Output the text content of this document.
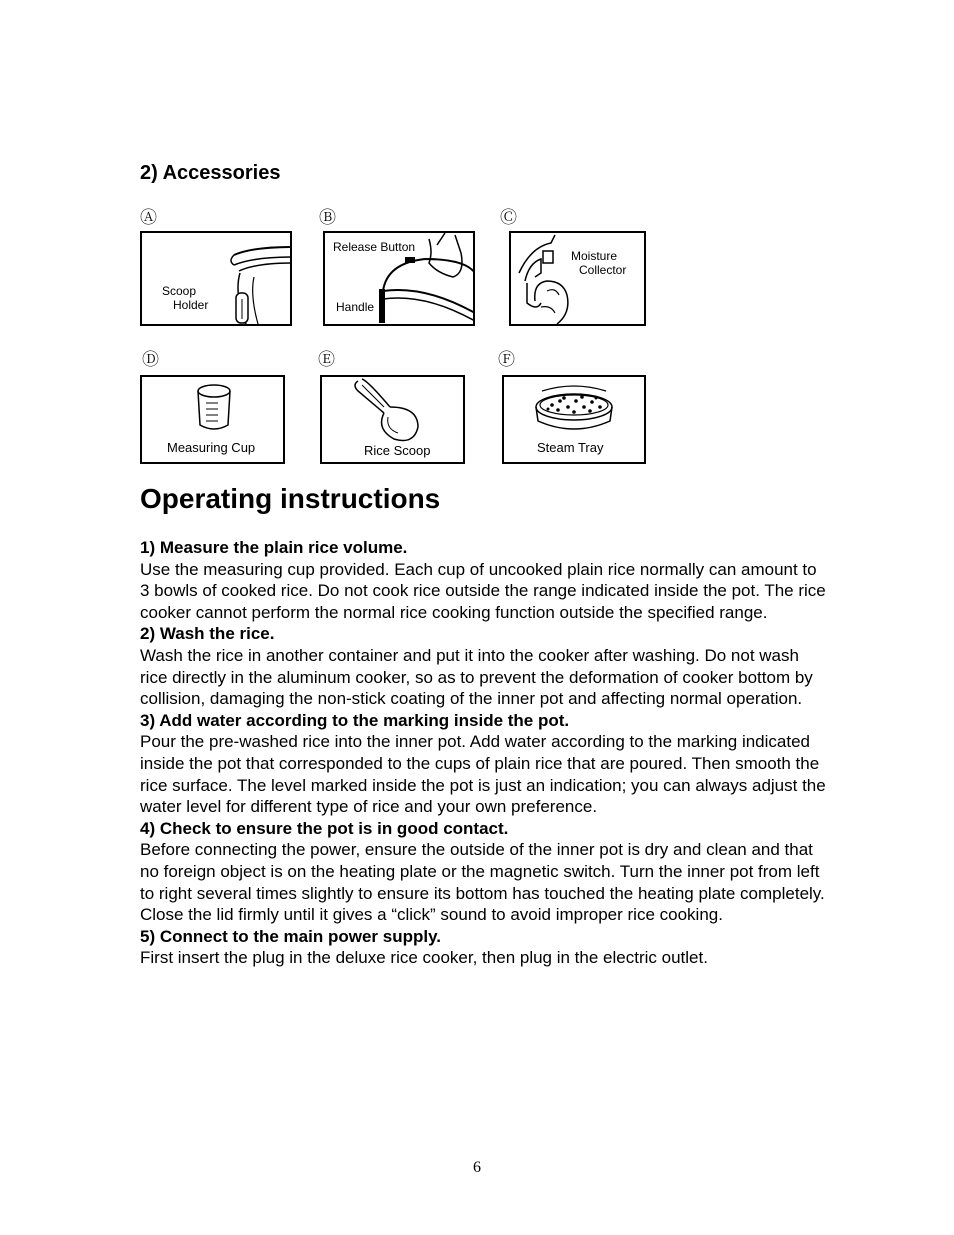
2) Accessories
Ⓐ
Scoop
Holder
Ⓑ
Release Button
Handle
Ⓒ
Moisture
Collector
Ⓓ
Measuring Cup
Ⓔ
Rice Scoop
Ⓕ
Steam Tray
Operating instructions

1) Measure the plain rice volume.

Use the measuring cup provided. Each cup of uncooked plain rice normally can amount to 3 bowls of cooked rice. Do not cook rice outside the range indicated inside the pot. The rice cooker cannot perform the normal rice cooking function outside the specified range.

2) Wash the rice.

Wash the rice in another container and put it into the cooker after washing. Do not wash rice directly in the aluminum cooker, so as to prevent the deformation of cooker bottom by collision, damaging the non-stick coating of the inner pot and affecting normal operation.

3) Add water according to the marking inside the pot.

Pour the pre-washed rice into the inner pot. Add water according to the marking indicated inside the pot that corresponded to the cups of plain rice that are poured. Then smooth the rice surface. The level marked inside the pot is just an indication; you can always adjust the water level for different type of rice and your own preference.

4) Check to ensure the pot is in good contact.

Before connecting the power, ensure the outside of the inner pot is dry and clean and that no foreign object is on the heating plate or the magnetic switch. Turn the inner pot from left to right several times slightly to ensure its bottom has touched the heating plate completely.

Close the lid firmly until it gives a “click” sound to avoid improper rice cooking.

5) Connect to the main power supply.

First insert the plug in the deluxe rice cooker, then plug in the electric outlet.

6
